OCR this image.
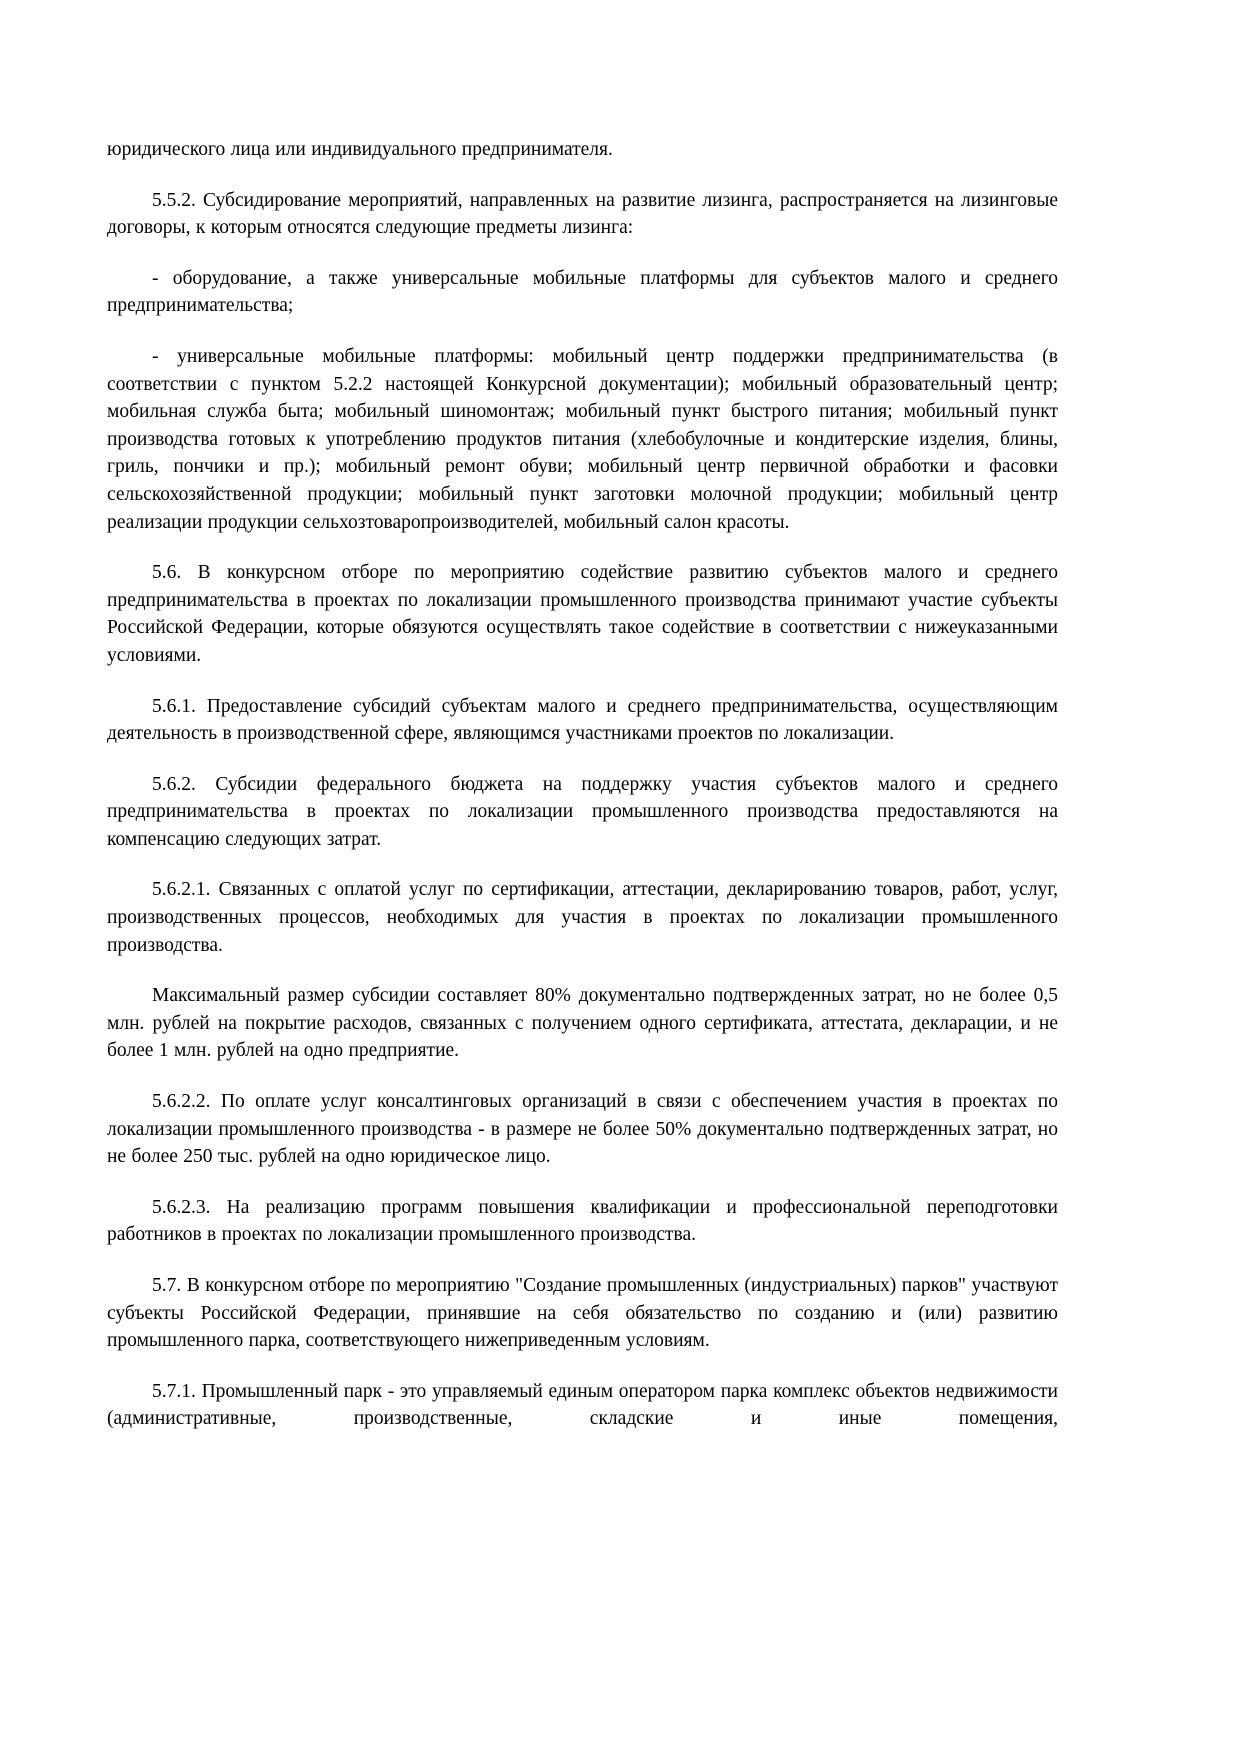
юридического лица или индивидуального предпринимателя.

5.5.2. Субсидирование мероприятий, направленных на развитие лизинга, распространяется на лизинговые договоры, к которым относятся следующие предметы лизинга:

- оборудование, а также универсальные мобильные платформы для субъектов малого и среднего предпринимательства;

- универсальные мобильные платформы: мобильный центр поддержки предпринимательства (в соответствии с пунктом 5.2.2 настоящей Конкурсной документации); мобильный образовательный центр; мобильная служба быта; мобильный шиномонтаж; мобильный пункт быстрого питания; мобильный пункт производства готовых к употреблению продуктов питания (хлебобулочные и кондитерские изделия, блины, гриль, пончики и пр.); мобильный ремонт обуви; мобильный центр первичной обработки и фасовки сельскохозяйственной продукции; мобильный пункт заготовки молочной продукции; мобильный центр реализации продукции сельхозтоваропроизводителей, мобильный салон красоты.

5.6. В конкурсном отборе по мероприятию содействие развитию субъектов малого и среднего предпринимательства в проектах по локализации промышленного производства принимают участие субъекты Российской Федерации, которые обязуются осуществлять такое содействие в соответствии с нижеуказанными условиями.

5.6.1. Предоставление субсидий субъектам малого и среднего предпринимательства, осуществляющим деятельность в производственной сфере, являющимся участниками проектов по локализации.

5.6.2. Субсидии федерального бюджета на поддержку участия субъектов малого и среднего предпринимательства в проектах по локализации промышленного производства предоставляются на компенсацию следующих затрат.

5.6.2.1. Связанных с оплатой услуг по сертификации, аттестации, декларированию товаров, работ, услуг, производственных процессов, необходимых для участия в проектах по локализации промышленного производства.

Максимальный размер субсидии составляет 80% документально подтвержденных затрат, но не более 0,5 млн. рублей на покрытие расходов, связанных с получением одного сертификата, аттестата, декларации, и не более 1 млн. рублей на одно предприятие.

5.6.2.2. По оплате услуг консалтинговых организаций в связи с обеспечением участия в проектах по локализации промышленного производства - в размере не более 50% документально подтвержденных затрат, но не более 250 тыс. рублей на одно юридическое лицо.

5.6.2.3. На реализацию программ повышения квалификации и профессиональной переподготовки работников в проектах по локализации промышленного производства.

5.7. В конкурсном отборе по мероприятию "Создание промышленных (индустриальных) парков" участвуют субъекты Российской Федерации, принявшие на себя обязательство по созданию и (или) развитию промышленного парка, соответствующего нижеприведенным условиям.

5.7.1. Промышленный парк - это управляемый единым оператором парка комплекс объектов недвижимости (административные, производственные, складские и иные помещения,
